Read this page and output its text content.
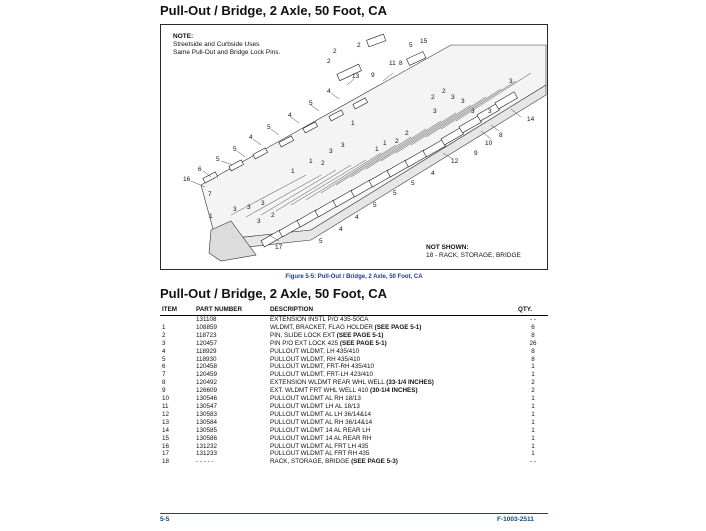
Pull-Out / Bridge, 2 Axle, 50 Foot, CA
16
6
7
1
5
5
4
5
4
5
4
13
2
2
2
9
11 8
5
15
2
2
3
3
3	3 3
3
14
8
10
9
12
4
5
5
5
4
4
5
17
3 3
3
2
3
1
1 2
3
3
2
2
1
1
1
NOTE:
Streetside and Curbside Uses
Same Pull-Out and Bridge Lock Pins.
NOT SHOWN:
18 - RACK, STORAGE, BRIDGE
Figure 5-5: Pull-Out / Bridge, 2 Axle, 50 Foot, CA
Pull-Out / Bridge, 2 Axle, 50 Foot, CA
ITEM	PART NUMBER	DESCRIPTION	QTY.
	131108	EXTENSION INSTL P/O 435-50CA	- -
1	108859	WLDMT, BRACKET, FLAG HOLDER (SEE PAGE 5-1)	6
2	118723	PIN, SLIDE LOCK EXT (SEE PAGE 5-1)	8
3	120457	PIN P/O EXT LOCK 425 (SEE PAGE 5-1)	26
4	118929	PULLOUT WLDMT, LH 435/410	8
5	118930	PULLOUT WLDMT, RH 435/410	8
6	120458	PULLOUT WLDMT, FRT-RH 435/410	1
7	120459	PULLOUT WLDMT, FRT-LH 423/410	1
8	120492	EXTENSION WLDMT REAR WHL WELL (33-1/4 INCHES)	2
9	126609	EXT. WLDMT FRT WHL WELL 410 (30-1/4 INCHES)	2
10	130546	PULLOUT WLDMT AL RH 18/13	1
11	130547	PULLOUT WLDMT LH AL 18/13	1
12	130583	PULLOUT WLDMT AL LH 36/14&14	1
13	130584	PULLOUT WLDMT AL RH 36/14&14	1
14	130585	PULLOUT WLDMT 14 AL REAR LH	1
15	130586	PULLOUT WLDMT 14 AL REAR RH	1
16	131232	PULLOUT WLDMT AL FRT LH 435	1
17	131233	PULLOUT WLDMT AL FRT RH 435	1
18	- - - - -	RACK, STORAGE, BRIDGE (SEE PAGE 5-3)	- -
5-5	F-1003-2511
